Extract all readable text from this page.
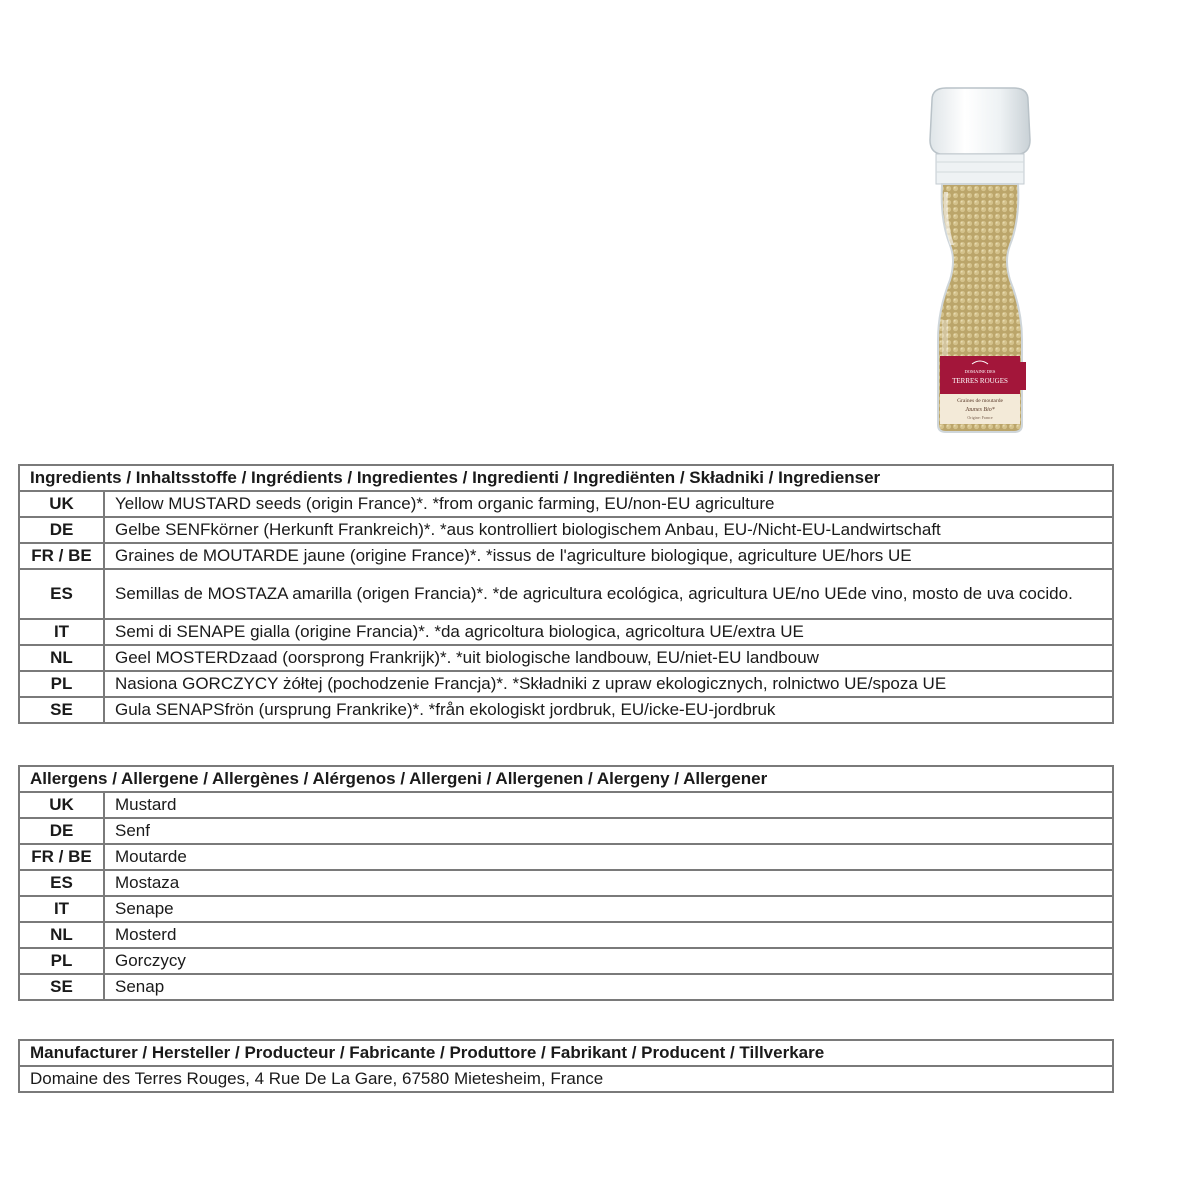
DOMAINE DES
TERRES ROUGES
Graines de moutarde
Jaunes Bio*
Origine: France
Ingredients / Inhaltsstoffe / Ingrédients / Ingredientes / Ingredienti / Ingrediënten / Składniki / Ingredienser	
UK	Yellow MUSTARD seeds (origin France)*. *from organic farming, EU/non-EU agriculture
DE	Gelbe SENFkörner (Herkunft Frankreich)*. *aus kontrolliert biologischem Anbau, EU-/Nicht-EU-Landwirtschaft
FR / BE	Graines de MOUTARDE jaune (origine France)*. *issus de l'agriculture biologique, agriculture UE/hors UE
ES	Semillas de MOSTAZA amarilla (origen Francia)*. *de agricultura ecológica, agricultura UE/no UEde vino, mosto de uva cocido.
IT	Semi di SENAPE gialla (origine Francia)*. *da agricoltura biologica, agricoltura UE/extra UE
NL	Geel MOSTERDzaad (oorsprong Frankrijk)*. *uit biologische landbouw, EU/niet-EU landbouw
PL	Nasiona GORCZYCY żółtej (pochodzenie Francja)*. *Składniki z upraw ekologicznych, rolnictwo UE/spoza UE
SE	Gula SENAPSfrön (ursprung Frankrike)*. *från ekologiskt jordbruk, EU/icke-EU-jordbruk
Allergens / Allergene / Allergènes / Alérgenos / Allergeni / Allergenen / Alergeny / Allergener	
UK	Mustard
DE	Senf
FR / BE	Moutarde
ES	Mostaza
IT	Senape
NL	Mosterd
PL	Gorczycy
SE	Senap
Manufacturer / Hersteller / Producteur / Fabricante / Produttore / Fabrikant / Producent / Tillverkare
Domaine des Terres Rouges, 4 Rue De La Gare, 67580 Mietesheim, France
